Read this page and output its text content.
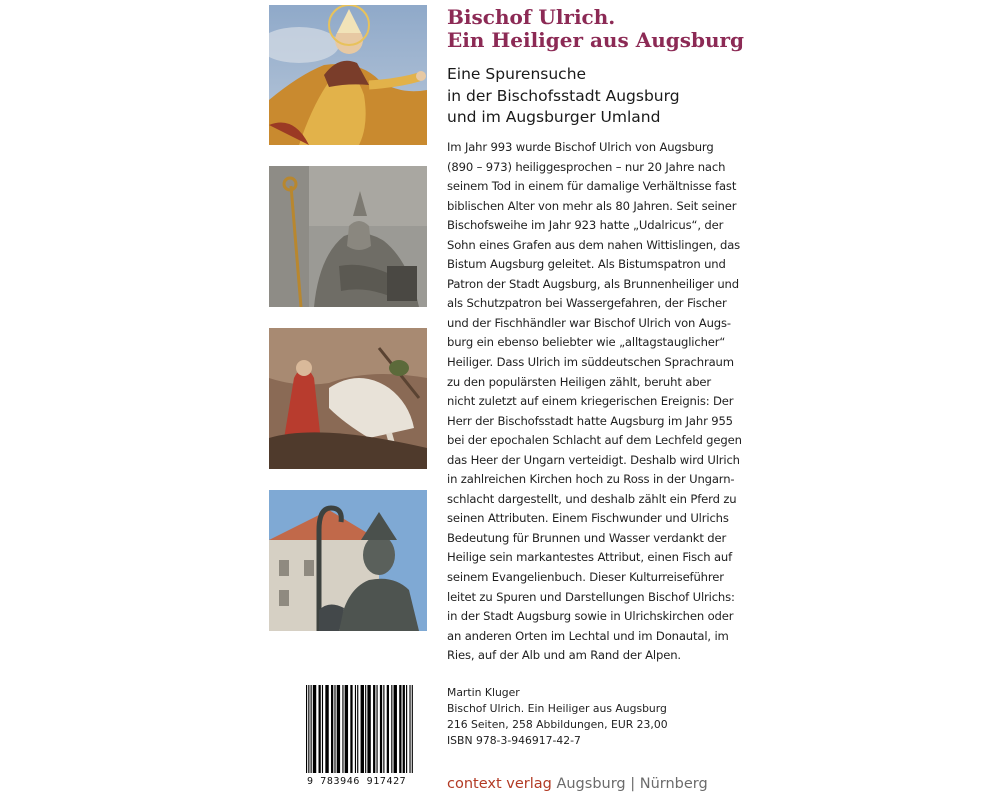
Bischof Ulrich.
Ein Heiliger aus Augsburg
Eine Spurensuche
in der Bischofsstadt Augsburg
und im Augsburger Umland
Im Jahr 993 wurde Bischof Ulrich von Augsburg
(890 – 973) heiliggesprochen – nur 20 Jahre nach
seinem Tod in einem für damalige Verhältnisse fast
biblischen Alter von mehr als 80 Jahren. Seit seiner
Bischofsweihe im Jahr 923 hatte „Udalricus“, der
Sohn eines Grafen aus dem nahen Wittislingen, das
Bistum Augsburg geleitet. Als Bistumspatron und
Patron der Stadt Augsburg, als Brunnenheiliger und
als Schutzpatron bei Wassergefahren, der Fischer
und der Fischhändler war Bischof Ulrich von Augs-
burg ein ebenso beliebter wie „alltagstauglicher“
Heiliger. Dass Ulrich im süddeutschen Sprachraum
zu den populärsten Heiligen zählt, beruht aber
nicht zuletzt auf einem kriegerischen Ereignis: Der
Herr der Bischofsstadt hatte Augsburg im Jahr 955
bei der epochalen Schlacht auf dem Lechfeld gegen
das Heer der Ungarn verteidigt. Deshalb wird Ulrich
in zahlreichen Kirchen hoch zu Ross in der Ungarn-
schlacht dargestellt, und deshalb zählt ein Pferd zu
seinen Attributen. Einem Fischwunder und Ulrichs
Bedeutung für Brunnen und Wasser verdankt der
Heilige sein markantestes Attribut, einen Fisch auf
seinem Evangelienbuch. Dieser Kulturreiseführer
leitet zu Spuren und Darstellungen Bischof Ulrichs:
in der Stadt Augsburg sowie in Ulrichskirchen oder
an anderen Orten im Lechtal und im Donautal, im
Ries, auf der Alb und am Rand der Alpen.
9 783946 917427
Martin Kluger
Bischof Ulrich. Ein Heiliger aus Augsburg
216 Seiten, 258 Abbildungen, EUR 23,00
ISBN 978-3-946917-42-7
context verlag Augsburg | Nürnberg
